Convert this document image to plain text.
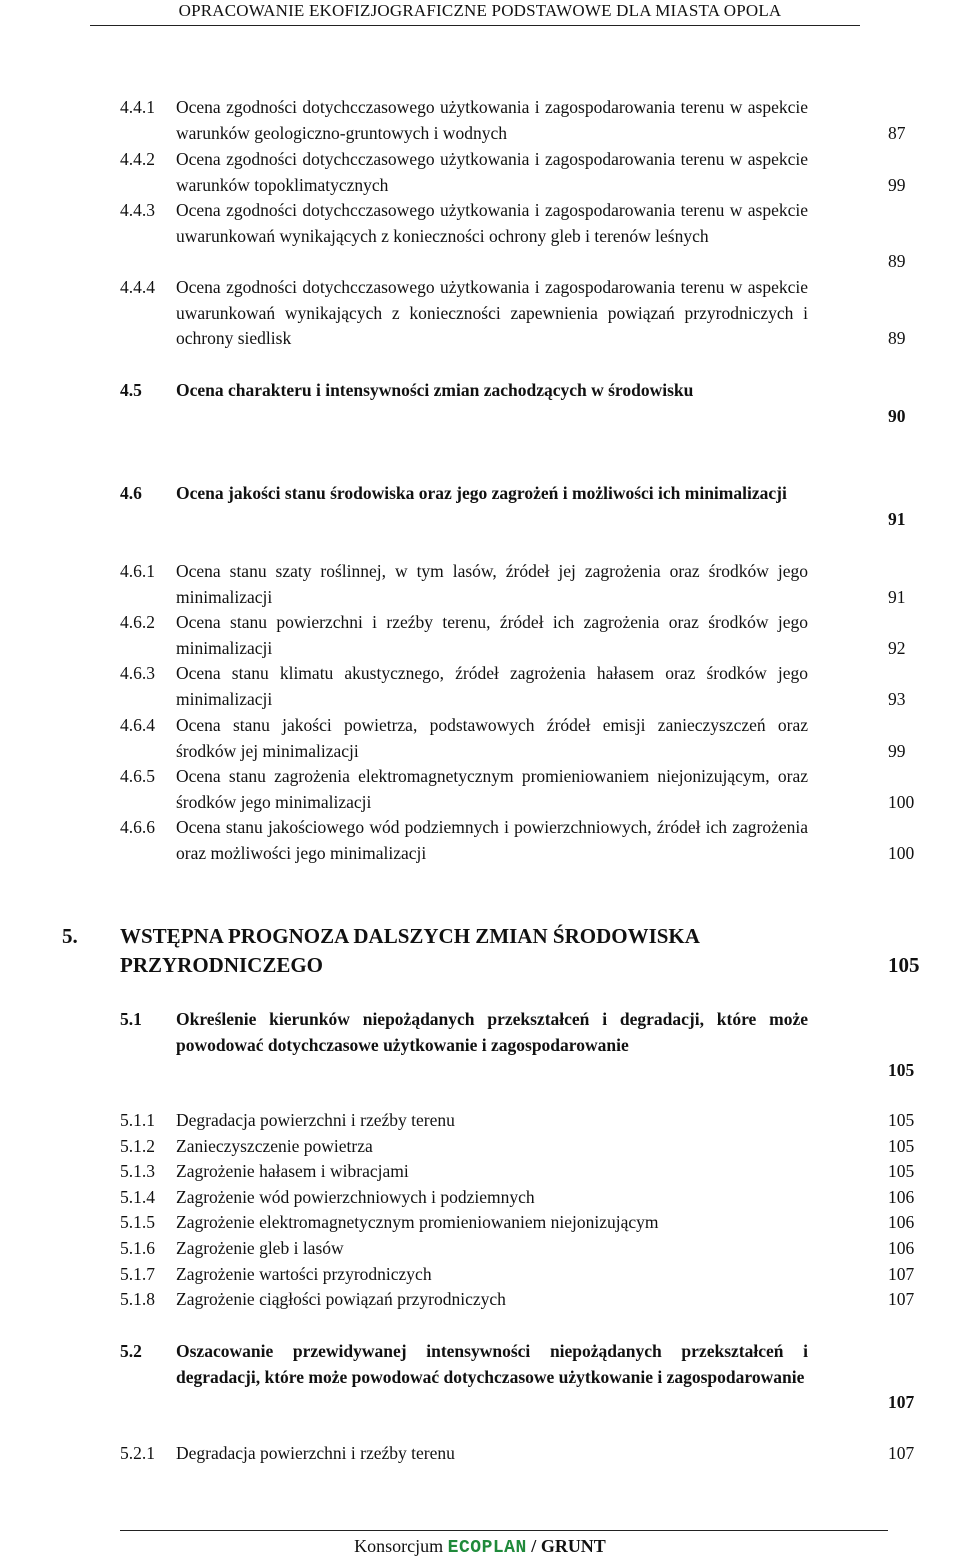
OPRACOWANIE EKOFIZJOGRAFICZNE PODSTAWOWE DLA MIASTA OPOLA
4.4.1 Ocena zgodności dotychcczasowego użytkowania i zagospodarowania terenu w aspekcie warunków geologiczno-gruntowych i wodnych	87
4.4.2 Ocena zgodności dotychcczasowego użytkowania i zagospodarowania terenu w aspekcie warunków topoklimatycznych	99
4.4.3 Ocena zgodności dotychcczasowego użytkowania i zagospodarowania terenu w aspekcie uwarunkowań wynikających z konieczności ochrony gleb i terenów leśnych
89
4.4.4 Ocena zgodności dotychcczasowego użytkowania i zagospodarowania terenu w aspekcie uwarunkowań wynikających z konieczności zapewnienia powiązań przyrodniczych i ochrony siedlisk	89
4.5 Ocena charakteru i intensywności zmian zachodzących w środowisku
90
4.6 Ocena jakości stanu środowiska oraz jego zagrożeń i możliwości ich minimalizacji
91
4.6.1 Ocena stanu szaty roślinnej, w tym lasów, źródeł jej zagrożenia oraz środków jego minimalizacji	91
4.6.2 Ocena stanu powierzchni i rzeźby terenu, źródeł ich zagrożenia oraz środków jego minimalizacji	92
4.6.3 Ocena stanu klimatu akustycznego, źródeł zagrożenia hałasem oraz środków jego minimalizacji	93
4.6.4 Ocena stanu jakości powietrza, podstawowych źródeł emisji zanieczyszczeń oraz środków jej minimalizacji	99
4.6.5 Ocena stanu zagrożenia elektromagnetycznym promieniowaniem niejonizującym, oraz środków jego minimalizacji	100
4.6.6 Ocena stanu jakościowego wód podziemnych i powierzchniowych, źródeł ich zagrożenia oraz możliwości jego minimalizacji	100
5. WSTĘPNA PROGNOZA DALSZYCH ZMIAN ŚRODOWISKA PRZYRODNICZEGO	105
5.1 Określenie kierunków niepożądanych przekształceń i degradacji, które może powodować dotychczasowe użytkowanie i zagospodarowanie
105
5.1.1 Degradacja powierzchni i rzeźby terenu	105
5.1.2 Zanieczyszczenie powietrza	105
5.1.3 Zagrożenie hałasem i wibracjami	105
5.1.4 Zagrożenie wód powierzchniowych i podziemnych	106
5.1.5 Zagrożenie elektromagnetycznym promieniowaniem niejonizującym	106
5.1.6 Zagrożenie gleb i lasów	106
5.1.7 Zagrożenie wartości przyrodniczych	107
5.1.8 Zagrożenie ciągłości powiązań przyrodniczych	107
5.2 Oszacowanie przewidywanej intensywności niepożądanych przekształceń i degradacji, które może powodować dotychczasowe użytkowanie i zagospodarowanie
107
5.2.1 Degradacja powierzchni i rzeźby terenu	107
Konsorcjum ECOPLAN / GRUNT
